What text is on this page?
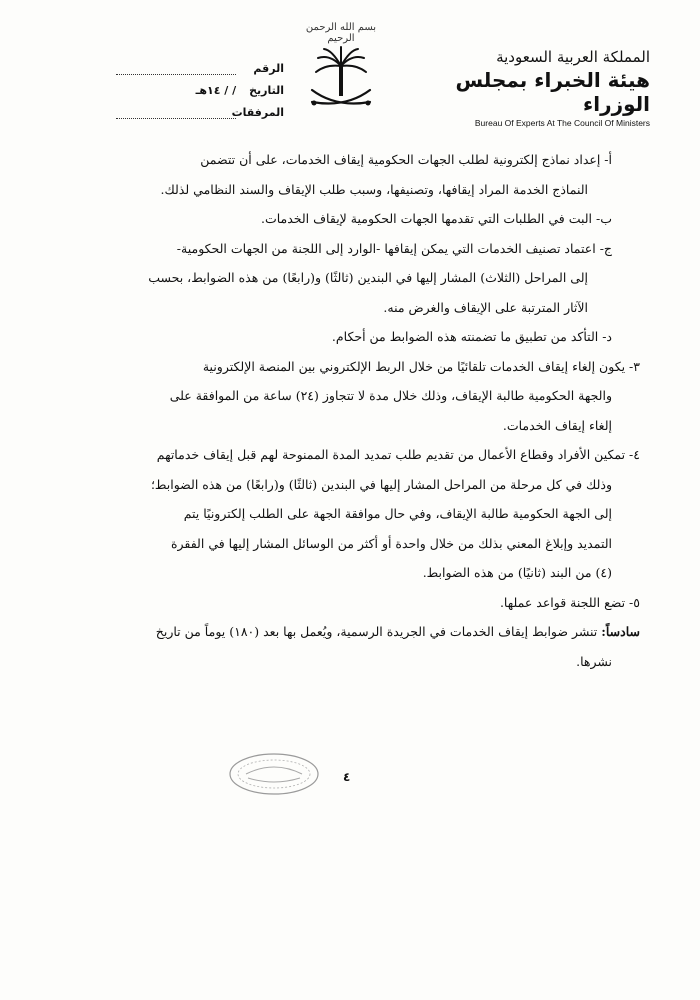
المملكة العربية السعودية
هيئة الخبراء بمجلس الوزراء
Bureau Of Experts At The Council Of Ministers
بسم الله الرحمن الرحيم
الرقم
التاريخ / / ١٤هـ
المرفقات

أ- إعداد نماذج إلكترونية لطلب الجهات الحكومية إيقاف الخدمات، على أن تتضمن

النماذج الخدمة المراد إيقافها، وتصنيفها، وسبب طلب الإيقاف والسند النظامي لذلك.

ب- البت في الطلبات التي تقدمها الجهات الحكومية لإيقاف الخدمات.

ج- اعتماد تصنيف الخدمات التي يمكن إيقافها -الوارد إلى اللجنة من الجهات الحكومية-

إلى المراحل (الثلاث) المشار إليها في البندين (ثالثًا) و(رابعًا) من هذه الضوابط، بحسب

الآثار المترتبة على الإيقاف والغرض منه.

د- التأكد من تطبيق ما تضمنته هذه الضوابط من أحكام.

٣- يكون إلغاء إيقاف الخدمات تلقائيًا من خلال الربط الإلكتروني بين المنصة الإلكترونية

والجهة الحكومية طالبة الإيقاف، وذلك خلال مدة لا تتجاوز (٢٤) ساعة من الموافقة على

إلغاء إيقاف الخدمات.

٤- تمكين الأفراد وقطاع الأعمال من تقديم طلب تمديد المدة الممنوحة لهم قبل إيقاف خدماتهم

وذلك في كل مرحلة من المراحل المشار إليها في البندين (ثالثًا) و(رابعًا) من هذه الضوابط؛

إلى الجهة الحكومية طالبة الإيقاف، وفي حال موافقة الجهة على الطلب إلكترونيًا يتم

التمديد وإبلاغ المعني بذلك من خلال واحدة أو أكثر من الوسائل المشار إليها في الفقرة

(٤) من البند (ثانيًا) من هذه الضوابط.

٥- تضع اللجنة قواعد عملها.

سادساً: تنشر ضوابط إيقاف الخدمات في الجريدة الرسمية، ويُعمل بها بعد (١٨٠) يوماً من تاريخ

نشرها.

٤
